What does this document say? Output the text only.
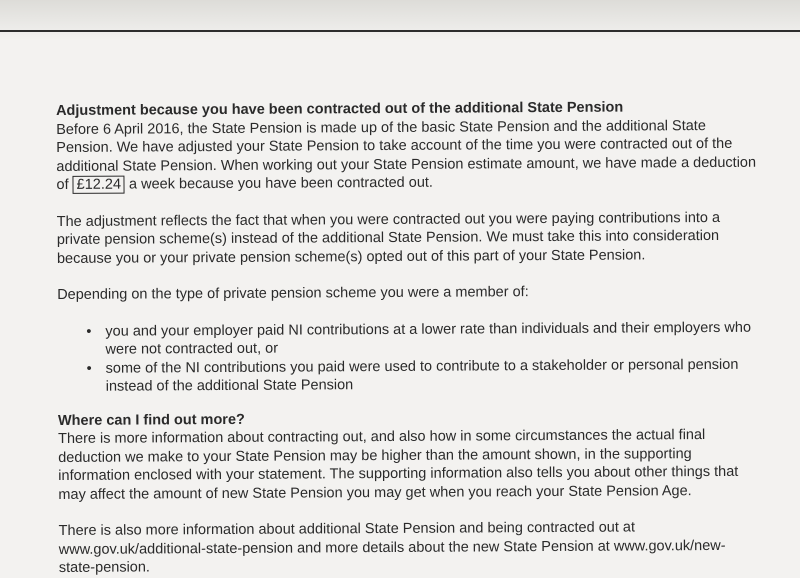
Adjustment because you have been contracted out of the additional State Pension

Before 6 April 2016, the State Pension is made up of the basic State Pension and the additional State Pension. We have adjusted your State Pension to take account of the time you were contracted out of the additional State Pension. When working out your State Pension estimate amount, we have made a deduction of £12.24 a week because you have been contracted out.

The adjustment reflects the fact that when you were contracted out you were paying contributions into a private pension scheme(s) instead of the additional State Pension. We must take this into consideration because you or your private pension scheme(s) opted out of this part of your State Pension.

Depending on the type of private pension scheme you were a member of:

• you and your employer paid NI contributions at a lower rate than individuals and their employers who were not contracted out, or
• some of the NI contributions you paid were used to contribute to a stakeholder or personal pension instead of the additional State Pension

Where can I find out more?

There is more information about contracting out, and also how in some circumstances the actual final deduction we make to your State Pension may be higher than the amount shown, in the supporting information enclosed with your statement. The supporting information also tells you about other things that may affect the amount of new State Pension you may get when you reach your State Pension Age.

There is also more information about additional State Pension and being contracted out at www.gov.uk/additional-state-pension and more details about the new State Pension at www.gov.uk/new-state-pension.
